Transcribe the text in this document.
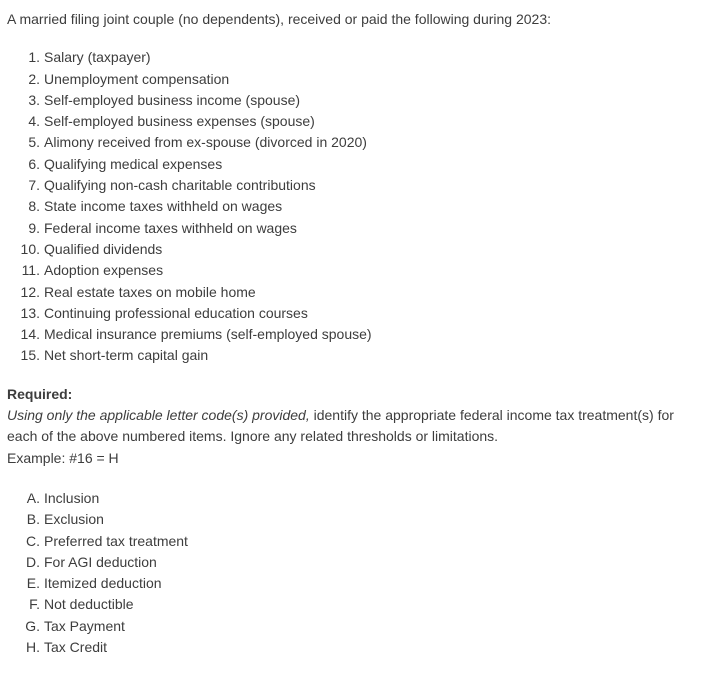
A married filing joint couple (no dependents), received or paid the following during 2023:

1. Salary (taxpayer)
2. Unemployment compensation
3. Self-employed business income (spouse)
4. Self-employed business expenses (spouse)
5. Alimony received from ex-spouse (divorced in 2020)
6. Qualifying medical expenses
7. Qualifying non-cash charitable contributions
8. State income taxes withheld on wages
9. Federal income taxes withheld on wages
10. Qualified dividends
11. Adoption expenses
12. Real estate taxes on mobile home
13. Continuing professional education courses
14. Medical insurance premiums (self-employed spouse)
15. Net short-term capital gain
Required:
Using only the applicable letter code(s) provided, identify the appropriate federal income tax treatment(s) for each of the above numbered items. Ignore any related thresholds or limitations.
Example: #16 = H
A. Inclusion
B. Exclusion
C. Preferred tax treatment
D. For AGI deduction
E. Itemized deduction
F. Not deductible
G. Tax Payment
H. Tax Credit
